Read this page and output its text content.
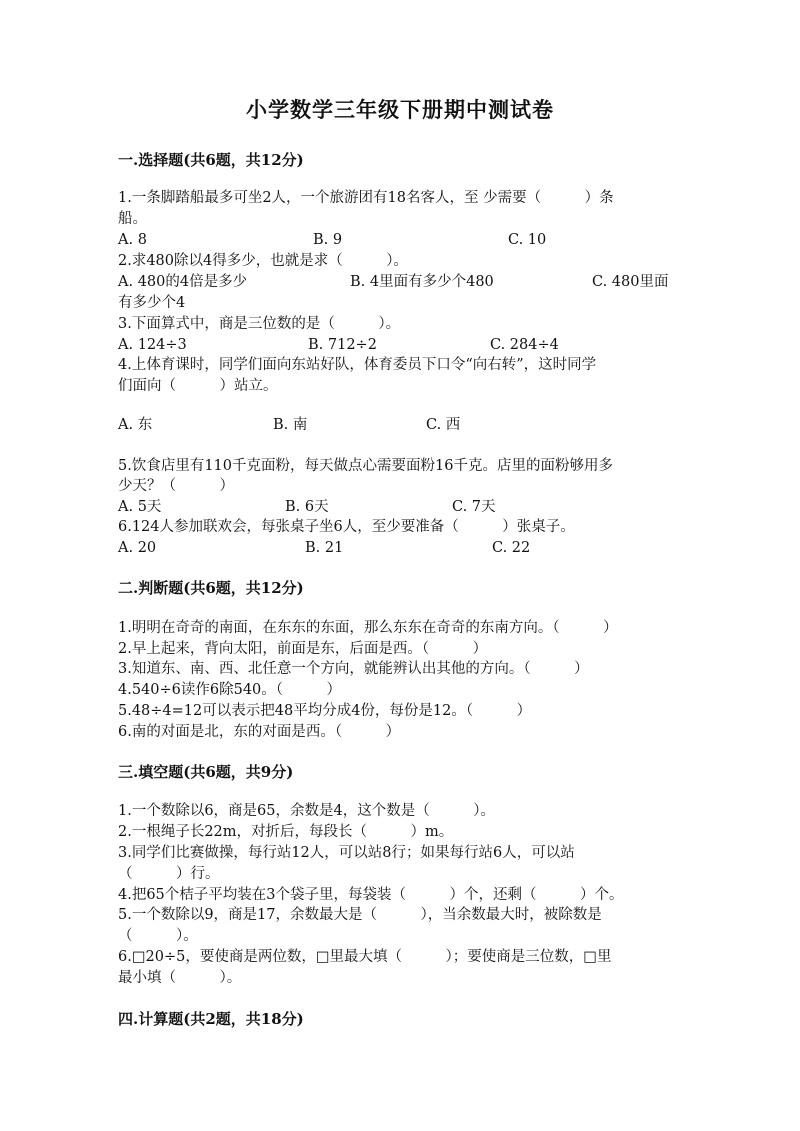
小学数学三年级下册期中测试卷
一.选择题(共6题，共12分)
1.一条脚踏船最多可坐2人，一个旅游团有18名客人，至 少需要（　　　）条
船。
A. 8	B. 9	C. 10
2.求480除以4得多少，也就是求（　　　）。
A. 480的4倍是多少	B. 4里面有多少个480	C. 480里面
有多少个4
3.下面算式中，商是三位数的是（　　　）。
A. 124÷3	B. 712÷2	C. 284÷4
4.上体育课时，同学们面向东站好队，体育委员下口令“向右转”，这时同学
们面向（　　　）站立。
A. 东	B. 南	C. 西
5.饮食店里有110千克面粉，每天做点心需要面粉16千克。店里的面粉够用多
少天？（　　　）
A. 5天	B. 6天	C. 7天
6.124人参加联欢会，每张桌子坐6人，至少要准备（　　　）张桌子。
A. 20	B. 21	C. 22
二.判断题(共6题，共12分)
1.明明在奇奇的南面，在东东的东面，那么东东在奇奇的东南方向。（　　　）
2.早上起来，背向太阳，前面是东，后面是西。（　　　）
3.知道东、南、西、北任意一个方向，就能辨认出其他的方向。（　　　）
4.540÷6读作6除540。（　　　）
5.48÷4=12可以表示把48平均分成4份，每份是12。（　　　）
6.南的对面是北，东的对面是西。（　　　）
三.填空题(共6题，共9分)
1.一个数除以6，商是65，余数是4，这个数是（　　　）。
2.一根绳子长22m，对折后，每段长（　　　）m。
3.同学们比赛做操，每行站12人，可以站8行；如果每行站6人，可以站
（　　　）行。
4.把65个桔子平均装在3个袋子里，每袋装（　　　）个，还剩（　　　）个。
5.一个数除以9，商是17，余数最大是（　　　），当余数最大时，被除数是
（　　　）。
6.□20÷5，要使商是两位数，□里最大填（　　　）；要使商是三位数，□里
最小填（　　　）。
四.计算题(共2题，共18分)
